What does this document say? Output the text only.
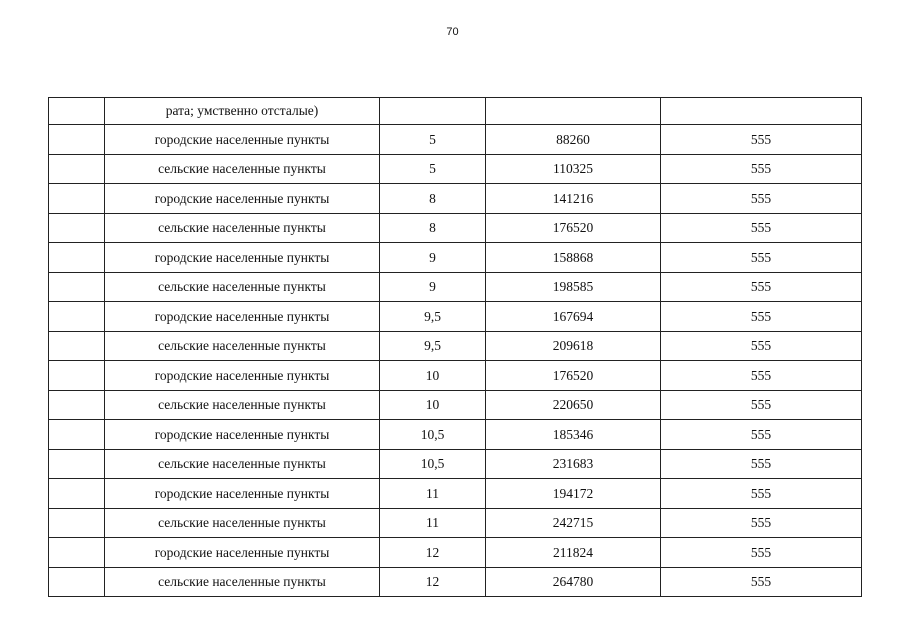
70
	рата; умственно отсталые)			
	городские населенные пункты	5	88260	555
	сельские населенные пункты	5	110325	555
	городские населенные пункты	8	141216	555
	сельские населенные пункты	8	176520	555
	городские населенные пункты	9	158868	555
	сельские населенные пункты	9	198585	555
	городские населенные пункты	9,5	167694	555
	сельские населенные пункты	9,5	209618	555
	городские населенные пункты	10	176520	555
	сельские населенные пункты	10	220650	555
	городские населенные пункты	10,5	185346	555
	сельские населенные пункты	10,5	231683	555
	городские населенные пункты	11	194172	555
	сельские населенные пункты	11	242715	555
	городские населенные пункты	12	211824	555
	сельские населенные пункты	12	264780	555
